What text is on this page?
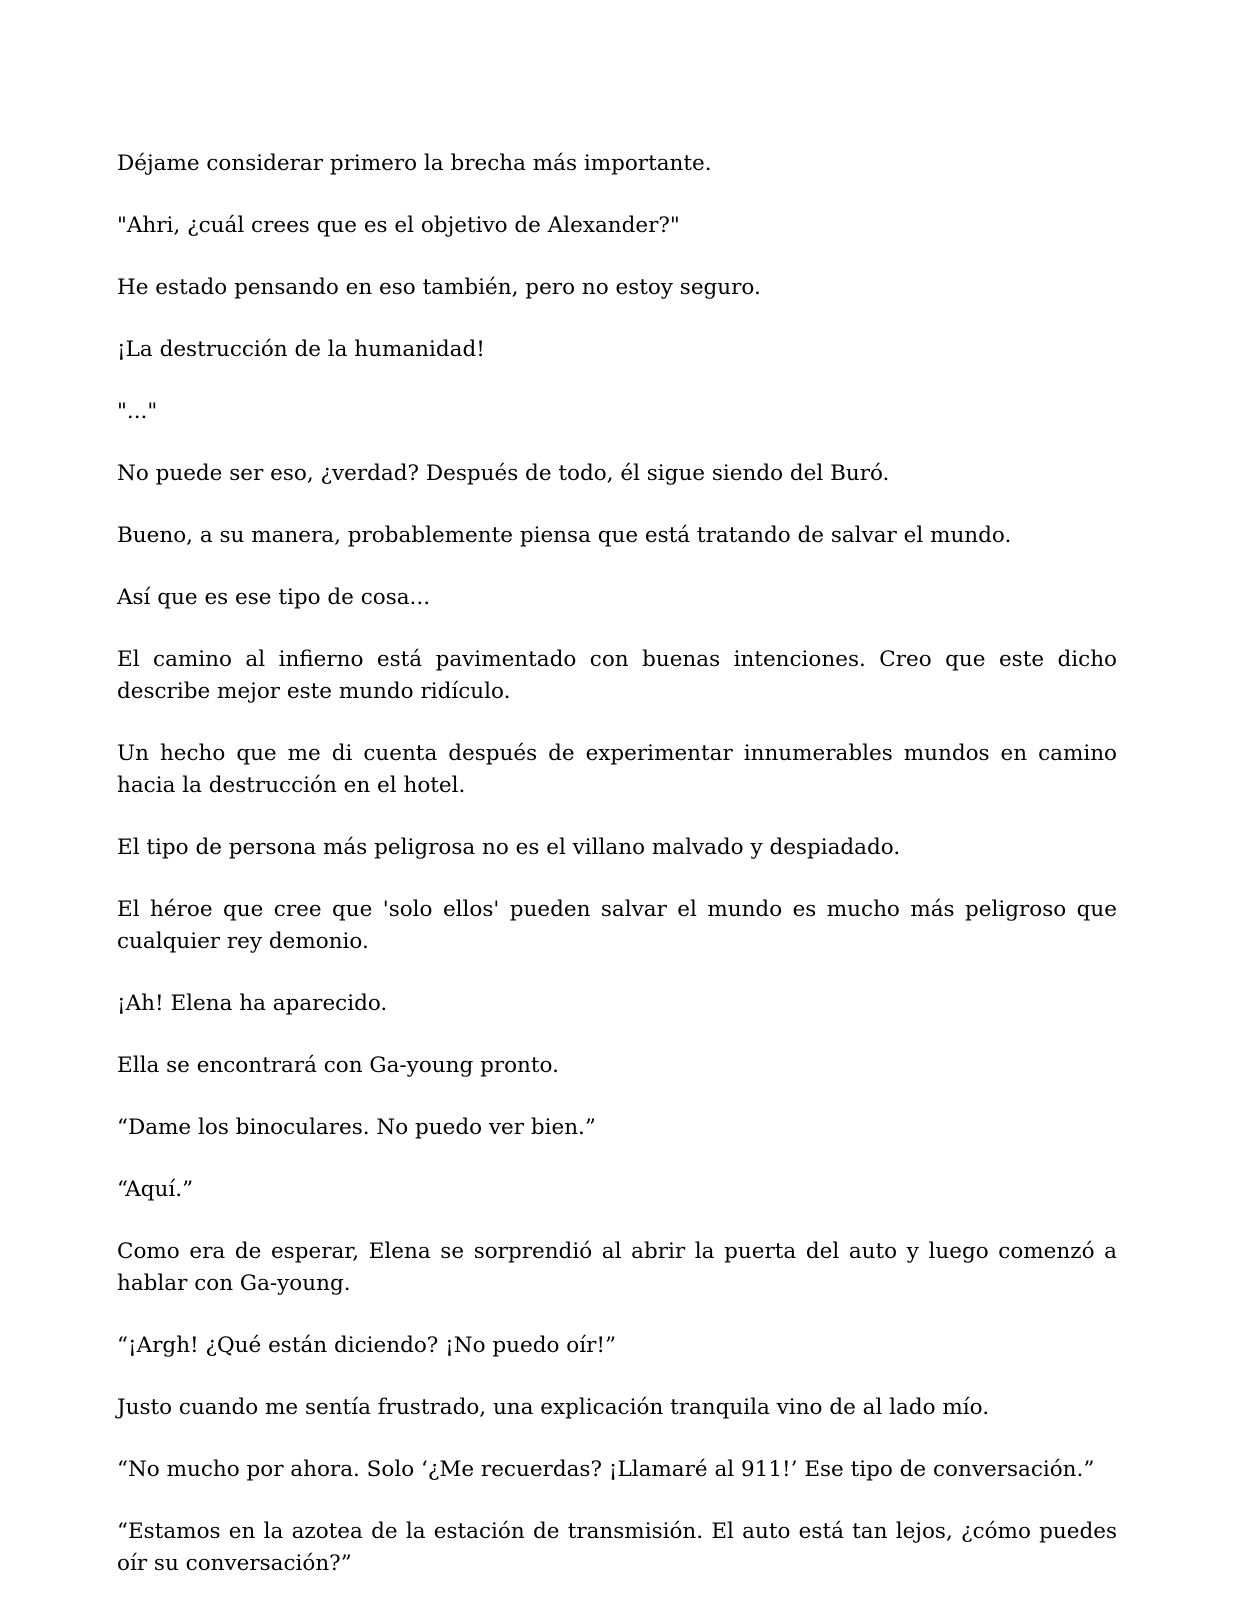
Déjame considerar primero la brecha más importante.

"Ahri, ¿cuál crees que es el objetivo de Alexander?"

He estado pensando en eso también, pero no estoy seguro.

¡La destrucción de la humanidad!

"..."

No puede ser eso, ¿verdad? Después de todo, él sigue siendo del Buró.

Bueno, a su manera, probablemente piensa que está tratando de salvar el mundo.

Así que es ese tipo de cosa...

El camino al infierno está pavimentado con buenas intenciones. Creo que este dicho describe mejor este mundo ridículo.

Un hecho que me di cuenta después de experimentar innumerables mundos en camino hacia la destrucción en el hotel.

El tipo de persona más peligrosa no es el villano malvado y despiadado.

El héroe que cree que 'solo ellos' pueden salvar el mundo es mucho más peligroso que cualquier rey demonio.

¡Ah! Elena ha aparecido.

Ella se encontrará con Ga-young pronto.

“Dame los binoculares. No puedo ver bien.”

“Aquí.”

Como era de esperar, Elena se sorprendió al abrir la puerta del auto y luego comenzó a hablar con Ga-young.

“¡Argh! ¿Qué están diciendo? ¡No puedo oír!”

Justo cuando me sentía frustrado, una explicación tranquila vino de al lado mío.

“No mucho por ahora. Solo ‘¿Me recuerdas? ¡Llamaré al 911!’ Ese tipo de conversación.”

“Estamos en la azotea de la estación de transmisión. El auto está tan lejos, ¿cómo puedes oír su conversación?”
